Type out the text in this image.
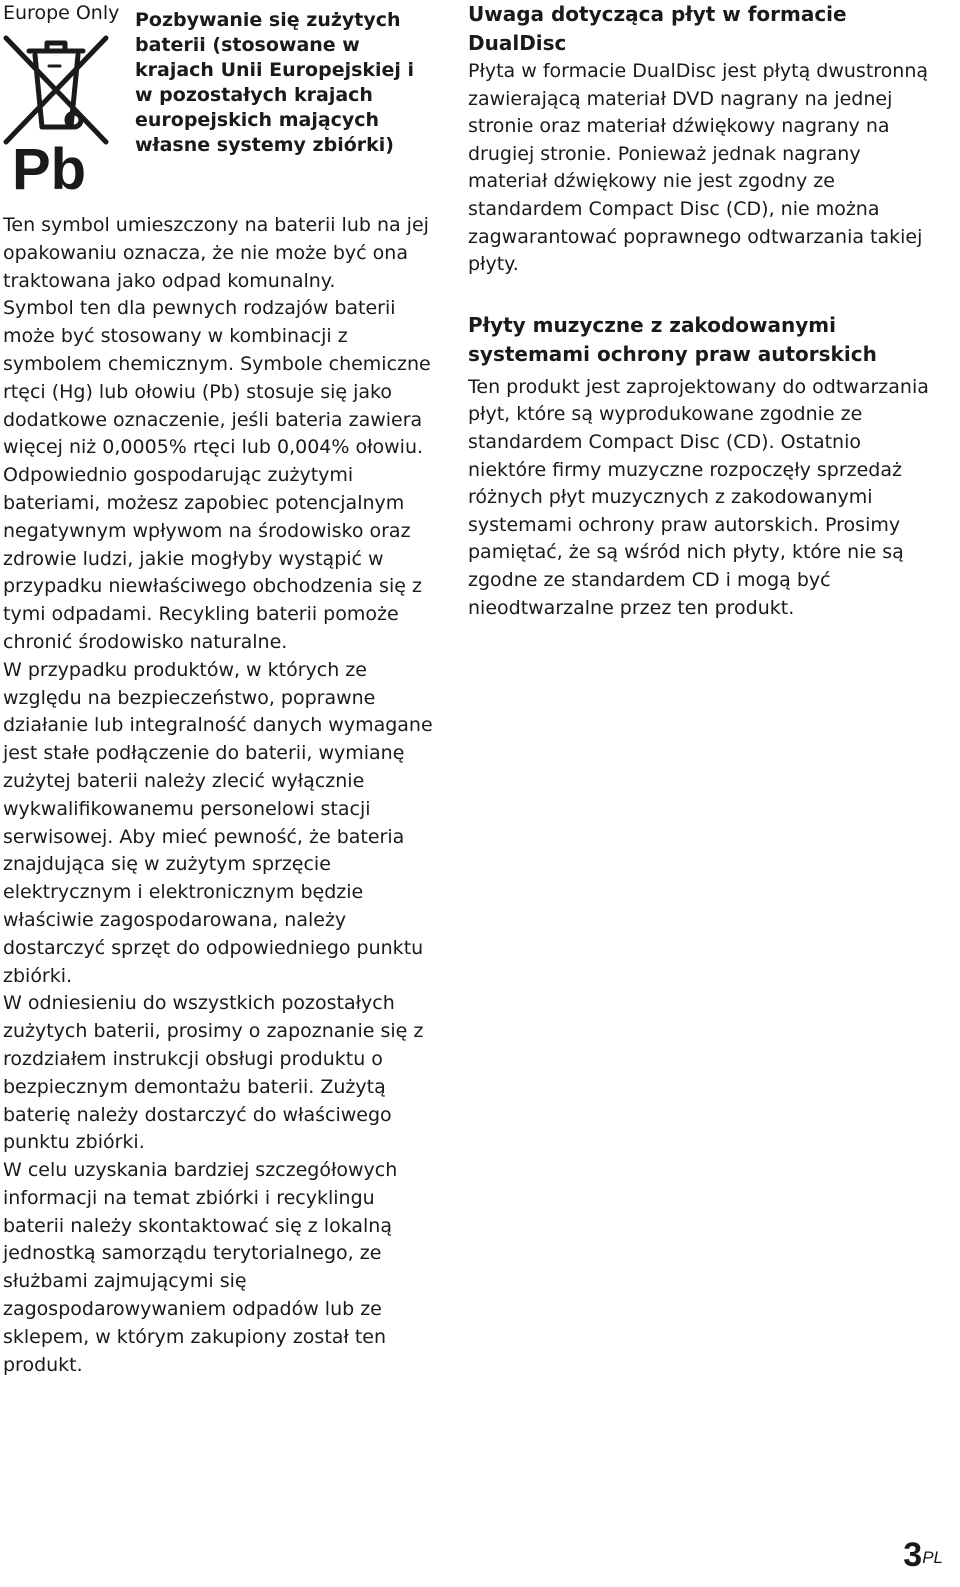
Europe Only
Pb
Pozbywanie się zużytych baterii (stosowane w krajach Unii Europejskiej i w pozostałych krajach europejskich mających własne systemy zbiórki)

Ten symbol umieszczony na baterii lub na jej opakowaniu oznacza, że nie może być ona traktowana jako odpad komunalny.

Symbol ten dla pewnych rodzajów baterii może być stosowany w kombinacji z symbolem chemicznym. Symbole chemiczne rtęci (Hg) lub ołowiu (Pb) stosuje się jako dodatkowe oznaczenie, jeśli bateria zawiera więcej niż 0,0005% rtęci lub 0,004% ołowiu.

Odpowiednio gospodarując zużytymi bateriami, możesz zapobiec potencjalnym negatywnym wpływom na środowisko oraz zdrowie ludzi, jakie mogłyby wystąpić w przypadku niewłaściwego obchodzenia się z tymi odpadami. Recykling baterii pomoże chronić środowisko naturalne.

W przypadku produktów, w których ze względu na bezpieczeństwo, poprawne działanie lub integralność danych wymagane jest stałe podłączenie do baterii, wymianę zużytej baterii należy zlecić wyłącznie wykwalifikowanemu personelowi stacji serwisowej. Aby mieć pewność, że bateria znajdująca się w zużytym sprzęcie elektrycznym i elektronicznym będzie właściwie zagospodarowana, należy dostarczyć sprzęt do odpowiedniego punktu zbiórki.

W odniesieniu do wszystkich pozostałych zużytych baterii, prosimy o zapoznanie się z rozdziałem instrukcji obsługi produktu o bezpiecznym demontażu baterii. Zużytą baterię należy dostarczyć do właściwego punktu zbiórki.

W celu uzyskania bardziej szczegółowych informacji na temat zbiórki i recyklingu baterii należy skontaktować się z lokalną jednostką samorządu terytorialnego, ze służbami zajmującymi się zagospodarowywaniem odpadów lub ze sklepem, w którym zakupiony został ten produkt.

Uwaga dotycząca płyt w formacie DualDisc

Płyta w formacie DualDisc jest płytą dwustronną zawierającą materiał DVD nagrany na jednej stronie oraz materiał dźwiękowy nagrany na drugiej stronie. Ponieważ jednak nagrany materiał dźwiękowy nie jest zgodny ze standardem Compact Disc (CD), nie można zagwarantować poprawnego odtwarzania takiej płyty.

Płyty muzyczne z zakodowanymi systemami ochrony praw autorskich

Ten produkt jest zaprojektowany do odtwarzania płyt, które są wyprodukowane zgodnie ze standardem Compact Disc (CD). Ostatnio niektóre firmy muzyczne rozpoczęły sprzedaż różnych płyt muzycznych z zakodowanymi systemami ochrony praw autorskich. Prosimy pamiętać, że są wśród nich płyty, które nie są zgodne ze standardem CD i mogą być nieodtwarzalne przez ten produkt.

$3^{PL}$
